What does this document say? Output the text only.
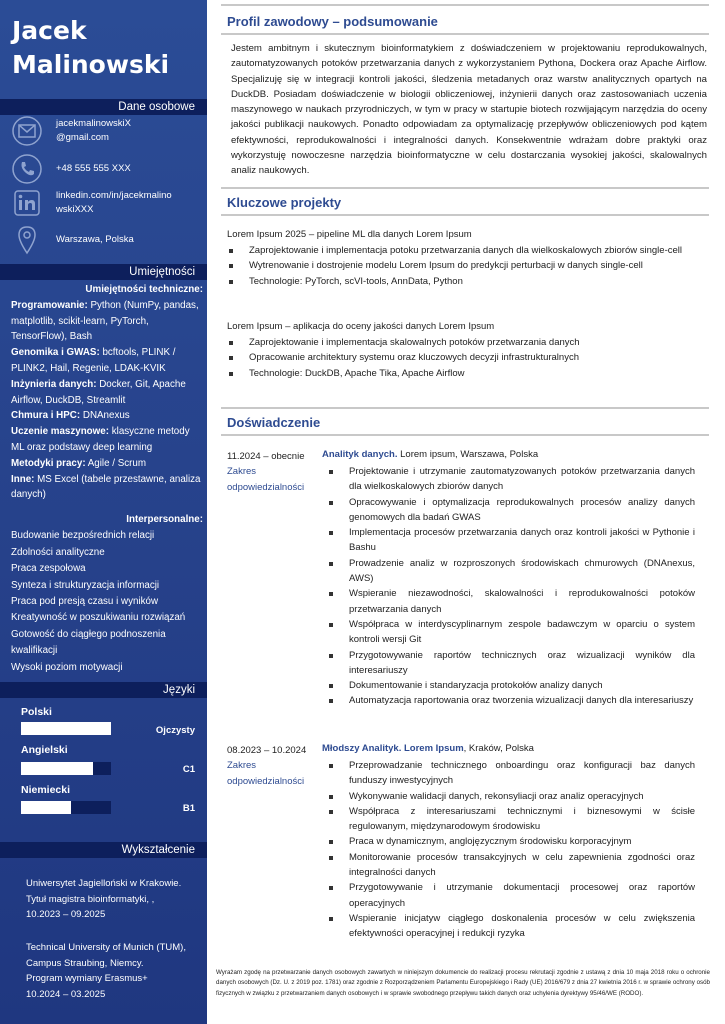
Jacek
Malinowski
Dane osobowe
jacekmalinowskiX
@gmail.com
+48 555 555 XXX
linkedin.com/in/jacekmalino
wskiXXX
Warszawa, Polska
Umiejętności
Umiejętności techniczne:
Programowanie: Python (NumPy, pandas, matplotlib, scikit-learn, PyTorch, TensorFlow), Bash
Genomika i GWAS: bcftools, PLINK / PLINK2, Hail, Regenie, LDAK-KVIK
Inżynieria danych: Docker, Git, Apache Airflow, DuckDB, Streamlit
Chmura i HPC: DNAnexus
Uczenie maszynowe: klasyczne metody ML oraz podstawy deep learning
Metodyki pracy: Agile / Scrum
Inne: MS Excel (tabele przestawne, analiza danych)
Interpersonalne:
Budowanie bezpośrednich relacji
Zdolności analityczne
Praca zespołowa
Synteza i strukturyzacja informacji
Praca pod presją czasu i wyników
Kreatywność w poszukiwaniu rozwiązań
Gotowość do ciągłego podnoszenia kwalifikacji
Wysoki poziom motywacji
Języki
Polski
Ojczysty
Angielski
C1
Niemiecki
B1
Wykształcenie
Uniwersytet Jagielloński w Krakowie.
Tytuł magistra bioinformatyki, ,
10.2023 – 09.2025
Technical University of Munich (TUM),
Campus Straubing, Niemcy.
Program wymiany Erasmus+
10.2024 – 03.2025
Profil zawodowy – podsumowanie
Jestem ambitnym i skutecznym bioinformatykiem z doświadczeniem w projektowaniu reprodukowalnych, zautomatyzowanych potoków przetwarzania danych z wykorzystaniem Pythona, Dockera oraz Apache Airflow. Specjalizuję się w integracji kontroli jakości, śledzenia metadanych oraz warstw analitycznych opartych na DuckDB. Posiadam doświadczenie w biologii obliczeniowej, inżynierii danych oraz zastosowaniach uczenia maszynowego w naukach przyrodniczych, w tym w pracy w startupie biotech rozwijającym narzędzia do oceny jakości publikacji naukowych. Ponadto odpowiadam za optymalizację przepływów obliczeniowych pod kątem efektywności, reprodukowalności i integralności danych. Konsekwentnie wdrażam dobre praktyki oraz wykorzystuję nowoczesne narzędzia bioinformatyczne w celu dostarczania wysokiej jakości, skalowalnych analiz naukowych.
Kluczowe projekty
Lorem Ipsum 2025 – pipeline ML dla danych Lorem Ipsum
Zaprojektowanie i implementacja potoku przetwarzania danych dla wielkoskalowych zbiorów single-cell
Wytrenowanie i dostrojenie modelu Lorem Ipsum do predykcji perturbacji w danych single-cell
Technologie: PyTorch, scVI-tools, AnnData, Python
Lorem Ipsum – aplikacja do oceny jakości danych Lorem Ipsum
Zaprojektowanie i implementacja skalowalnych potoków przetwarzania danych
Opracowanie architektury systemu oraz kluczowych decyzji infrastrukturalnych
Technologie: DuckDB, Apache Tika, Apache Airflow
Doświadczenie
11.2024 – obecnie
Zakres odpowiedzialności
Analityk danych. Lorem ipsum, Warszawa, Polska
Projektowanie i utrzymanie zautomatyzowanych potoków przetwarzania danych dla wielkoskalowych zbiorów danych
Opracowywanie i optymalizacja reprodukowalnych procesów analizy danych genomowych dla badań GWAS
Implementacja procesów przetwarzania danych oraz kontroli jakości w Pythonie i Bashu
Prowadzenie analiz w rozproszonych środowiskach chmurowych (DNAnexus, AWS)
Wspieranie niezawodności, skalowalności i reprodukowalności potoków przetwarzania danych
Współpraca w interdyscyplinarnym zespole badawczym w oparciu o system kontroli wersji Git
Przygotowywanie raportów technicznych oraz wizualizacji wyników dla interesariuszy
Dokumentowanie i standaryzacja protokołów analizy danych
Automatyzacja raportowania oraz tworzenia wizualizacji danych dla interesariuszy
08.2023 – 10.2024
Zakres odpowiedzialności
Młodszy Analityk. Lorem Ipsum, Kraków, Polska
Przeprowadzanie technicznego onboardingu oraz konfiguracji baz danych funduszy inwestycyjnych
Wykonywanie walidacji danych, rekonsyliacji oraz analiz operacyjnych
Współpraca z interesariuszami technicznymi i biznesowymi w ścisłe regulowanym, międzynarodowym środowisku
Praca w dynamicznym, anglojęzycznym środowisku korporacyjnym
Monitorowanie procesów transakcyjnych w celu zapewnienia zgodności oraz integralności danych
Przygotowywanie i utrzymanie dokumentacji procesowej oraz raportów operacyjnych
Wspieranie inicjatyw ciągłego doskonalenia procesów w celu zwiększenia efektywności operacyjnej i redukcji ryzyka
Wyrażam zgodę na przetwarzanie danych osobowych zawartych w niniejszym dokumencie do realizacji procesu rekrutacji zgodnie z ustawą z dnia 10 maja 2018 roku o ochronie danych osobowych (Dz. U. z 2019 poz. 1781) oraz zgodnie z Rozporządzeniem Parlamentu Europejskiego i Rady (UE) 2016/679 z dnia 27 kwietnia 2016 r. w sprawie ochrony osób fizycznych w związku z przetwarzaniem danych osobowych i w sprawie swobodnego przepływu takich danych oraz uchylenia dyrektywy 95/46/WE (RODO).
